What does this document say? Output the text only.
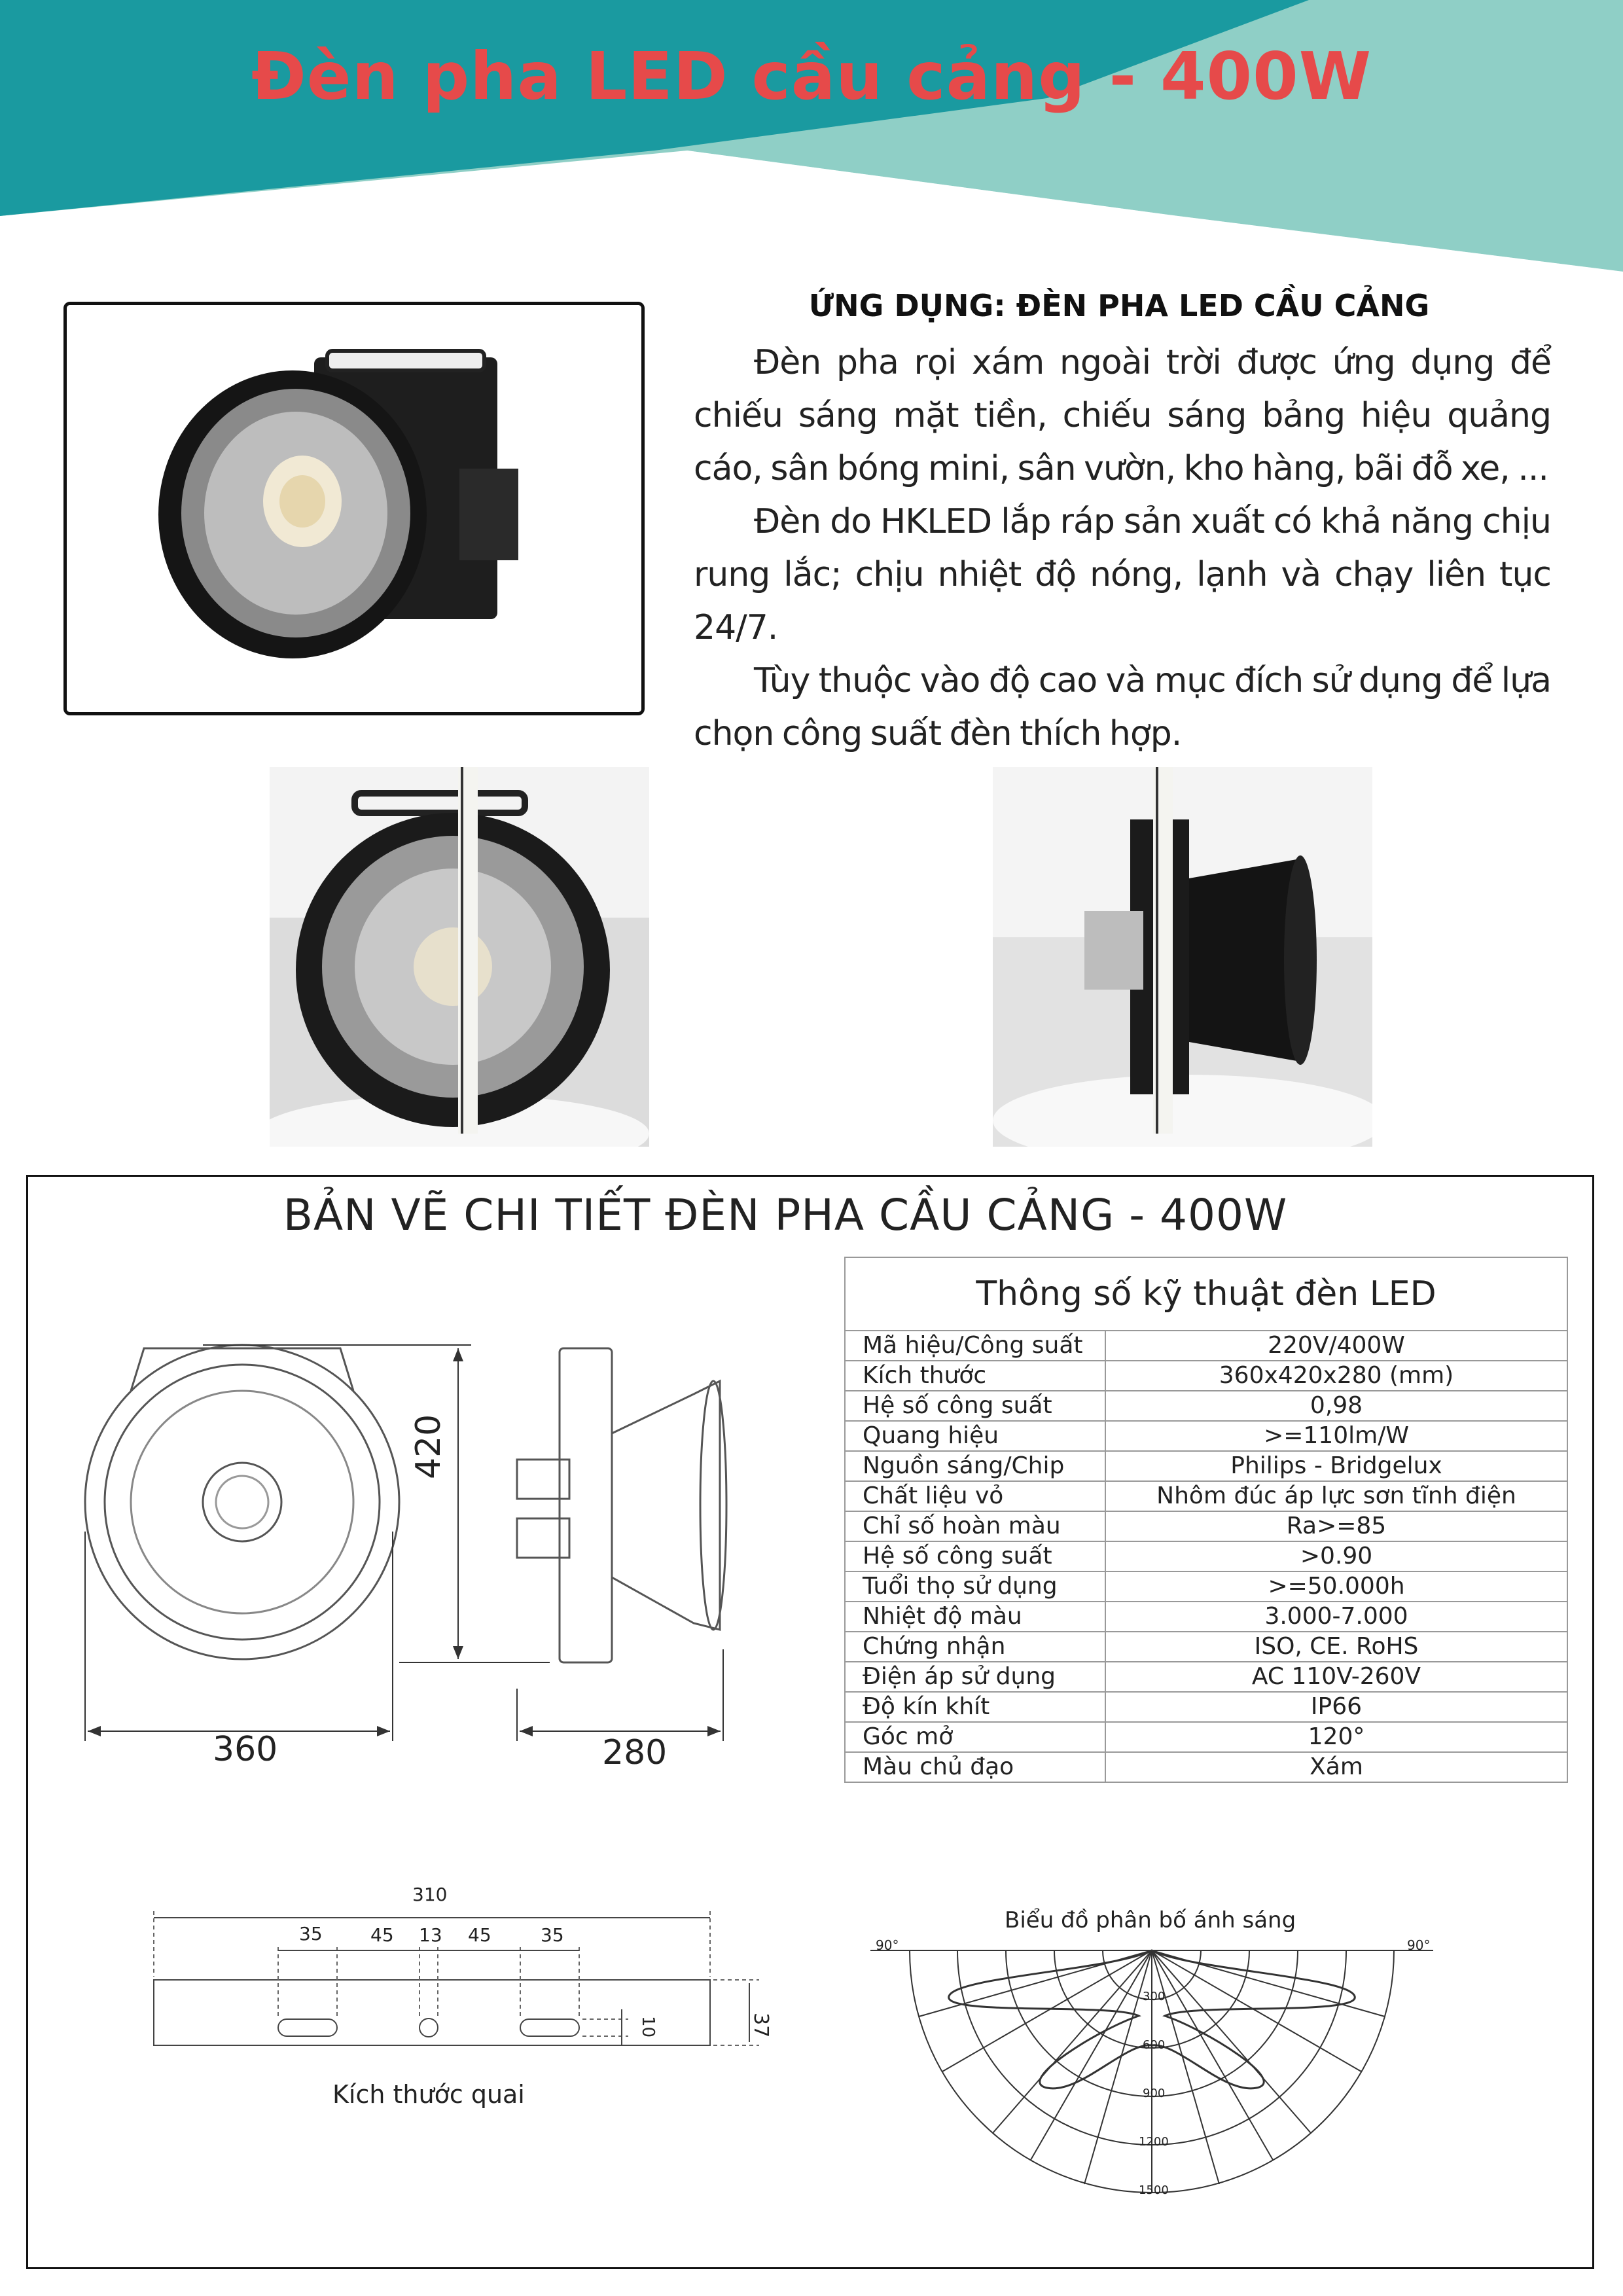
Đèn pha LED cầu cảng - 400W
ỨNG DỤNG: ĐÈN PHA LED CẦU CẢNG

Đèn pha rọi xám ngoài trời được ứng dụng để chiếu sáng mặt tiền, chiếu sáng bảng hiệu quảng cáo, sân bóng mini, sân vườn, kho hàng, bãi đỗ xe, ...

Đèn do HKLED lắp ráp sản xuất có khả năng chịu rung lắc; chịu nhiệt độ nóng, lạnh và chạy liên tục 24/7.

Tùy thuộc vào độ cao và mục đích sử dụng để lựa chọn công suất đèn thích hợp.

BẢN VẼ CHI TIẾT ĐÈN PHA CẦU CẢNG - 400W
420
360	280
Thông số kỹ thuật đèn LED	
Mã hiệu/Công suất	220V/400W
Kích thước	360x420x280 (mm)
Hệ số công suất	0,98
Quang hiệu	>=110lm/W
Nguồn sáng/Chip	Philips - Bridgelux
Chất liệu vỏ	Nhôm đúc áp lực sơn tĩnh điện
Chỉ số hoàn màu	Ra>=85
Hệ số công suất	>0.90
Tuổi thọ sử dụng	>=50.000h
Nhiệt độ màu	3.000-7.000
Chứng nhận	ISO, CE. RoHS
Điện áp sử dụng	AC 110V-260V
Độ kín khít	IP66
Góc mở	120°
Màu chủ đạo	Xám
310
35	45 13 45	35
10	37
Kích thước quai
Biểu đồ phân bố ánh sáng
90°	90°
300
600
900
1200
1500
